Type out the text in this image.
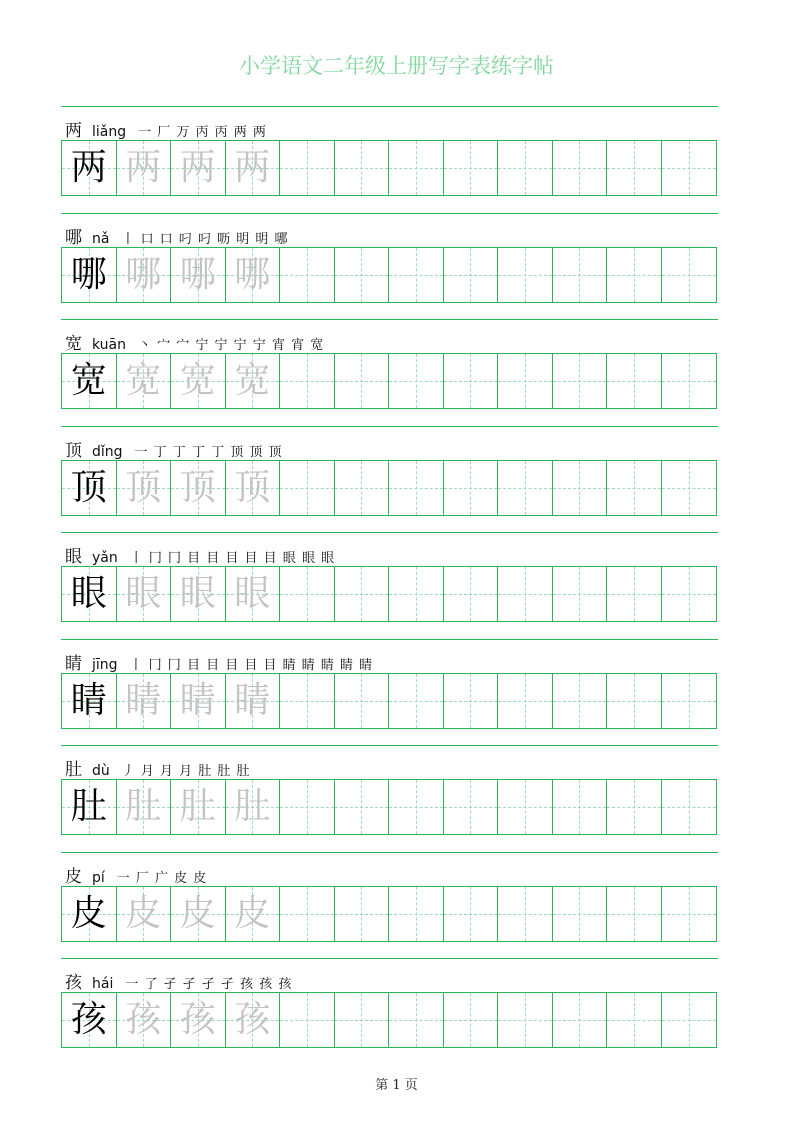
小学语文二年级上册写字表练字帖
两 liǎng 一 厂 万 丙 丙 两 两
两 两 两 两
哪 nǎ 丨 口 口 叼 叼 呖 明 明 哪
哪 哪 哪 哪
宽 kuān 丶 宀 宀 宁 宁 宁 宁 宵 宵 宽
宽 宽 宽 宽
顶 dǐng 一 丁 丁 丁 丁 顶 顶 顶
顶 顶 顶 顶
眼 yǎn 丨 冂 冂 目 目 目 目 目 眼 眼 眼
眼 眼 眼 眼
睛 jīng 丨 冂 冂 目 目 目 目 目 睛 睛 睛 睛 睛
睛 睛 睛 睛
肚 dù 丿 月 月 月 肚 肚 肚
肚 肚 肚 肚
皮 pí 一 厂 广 皮 皮
皮 皮 皮 皮
孩 hái 一 了 孑 孑 孑 孑 孩 孩 孩
孩 孩 孩 孩
第 1 页
